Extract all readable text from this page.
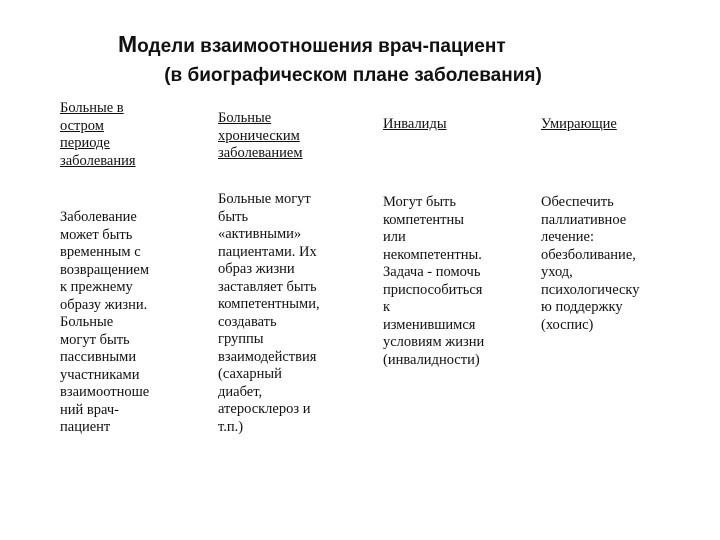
Модели взаимоотношения врач-пациент
(в биографическом плане заболевания)
Больные в
остром
периоде
заболевания
Заболевание
может быть
временным с
возвращением
к прежнему
образу жизни.
Больные
могут быть
пассивными
участниками
взаимоотноше
ний врач-
пациент
Больные
хроническим
заболеванием
Больные могут
быть
«активными»
пациентами. Их
образ жизни
заставляет быть
компетентными,
создавать
группы
взаимодействия
(сахарный
диабет,
атеросклероз и
т.п.)
Инвалиды
Могут быть
компетентны
или
некомпетентны.
Задача - помочь
приспособиться
к
изменившимся
условиям жизни
(инвалидности)
Умирающие
Обеспечить
паллиативное
лечение:
обезболивание,
уход,
психологическу
ю поддержку
(хоспис)
